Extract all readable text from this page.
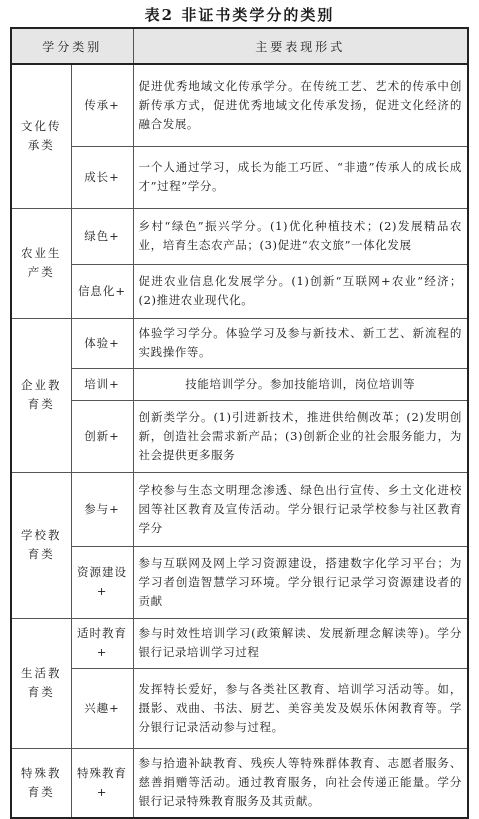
表2 非证书类学分的类别
学分类别		主要表现形式
文化传承类	传承+	促进优秀地域文化传承学分。在传统工艺、艺术的传承中创新传承方式，促进优秀地域文化传承发扬，促进文化经济的融合发展。
	成长+	一个人通过学习，成长为能工巧匠、“非遗”传承人的成长成才”过程”学分。
农业生产类	绿色+	乡村“绿色”振兴学分。(1)优化种植技术；(2)发展精品农业，培育生态农产品；(3)促进“农文旅”一体化发展
	信息化+	促进农业信息化发展学分。(1)创新“互联网+农业”经济；(2)推进农业现代化。
企业教育类	体验+	体验学习学分。体验学习及参与新技术、新工艺、新流程的实践操作等。
	培训+	技能培训学分。参加技能培训，岗位培训等
	创新+	创新类学分。(1)引进新技术，推进供给侧改革；(2)发明创新，创造社会需求新产品；(3)创新企业的社会服务能力，为社会提供更多服务
学校教育类	参与+	学校参与生态文明理念渗透、绿色出行宣传、乡土文化进校园等社区教育及宣传活动。学分银行记录学校参与社区教育学分
	资源建设+	参与互联网及网上学习资源建设，搭建数字化学习平台；为学习者创造智慧学习环境。学分银行记录学习资源建设者的贡献
生活教育类	适时教育+	参与时效性培训学习(政策解读、发展新理念解读等)。学分银行记录培训学习过程
	兴趣+	发挥特长爱好，参与各类社区教育、培训学习活动等。如，摄影、戏曲、书法、厨艺、美容美发及娱乐休闲教育等。学分银行记录活动参与过程。
特殊教育类	特殊教育+	参与拾遗补缺教育、残疾人等特殊群体教育、志愿者服务、慈善捐赠等活动。通过教育服务，向社会传递正能量。学分银行记录特殊教育服务及其贡献。
